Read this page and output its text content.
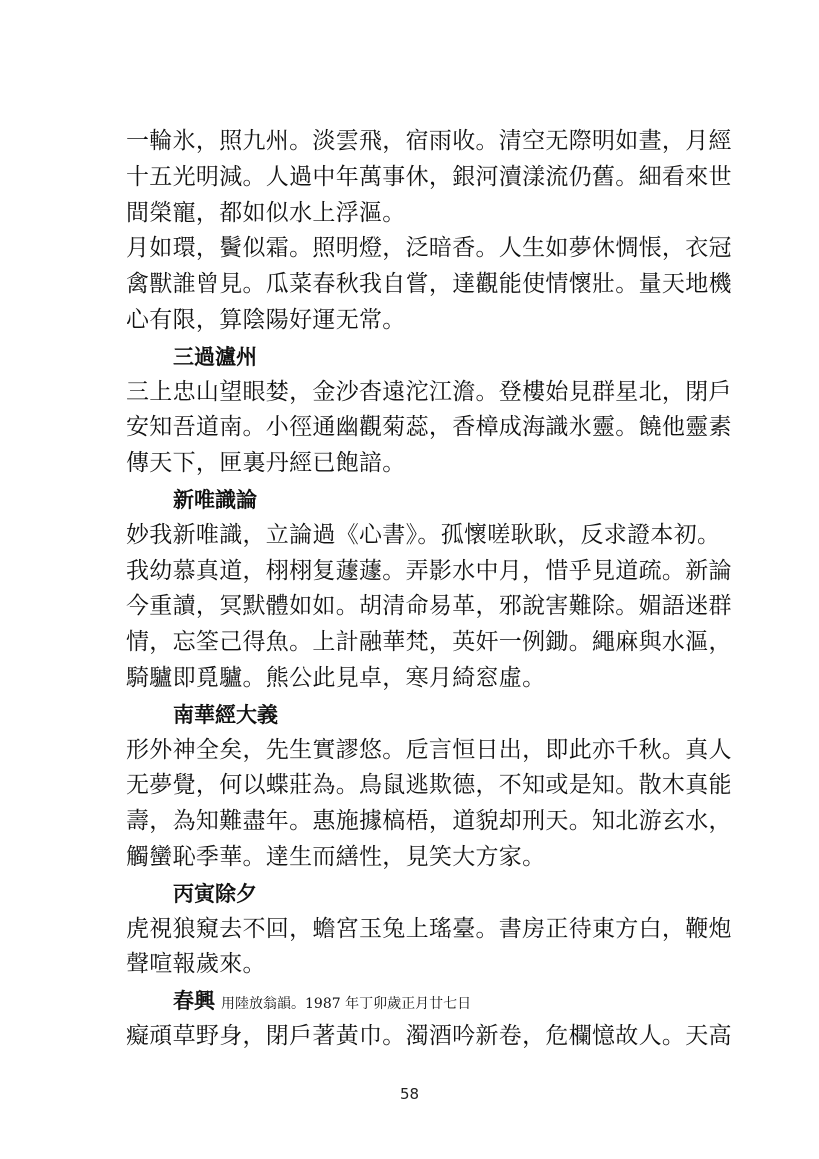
一輪氷，照九州。淡雲飛，宿雨收。清空无際明如晝，月經
十五光明減。人過中年萬事休，銀河瀆漾流仍舊。細看來世
間榮寵，都如似水上浮漚。
月如環，鬢似霜。照明燈，泛暗香。人生如夢休惆悵，衣冠
禽獸誰曾見。瓜菜春秋我自嘗，達觀能使情懷壯。量天地機
心有限，算陰陽好運无常。
三過瀘州
三上忠山望眼婪，金沙杳遠沱江澹。登樓始見群星北，閉戶
安知吾道南。小徑通幽觀菊蕊，香樟成海識氷靈。饒他靈素
傳天下，匣裏丹經已飽諳。
新唯識論
妙我新唯識，立論過《心書》。孤懷嗟耿耿，反求證本初。
我幼慕真道，栩栩复蘧蘧。弄影水中月，惜乎見道疏。新論
今重讀，冥默體如如。胡清命易革，邪說害難除。媚語迷群
情，忘筌己得魚。上計融華梵，英奸一例鋤。繩麻與水漚，
騎驢即覓驢。熊公此見卓，寒月綺窓虛。
南華經大義
形外神全矣，先生實謬悠。卮言恒日出，即此亦千秋。真人
无夢覺，何以蝶莊為。鳥鼠逃欺德，不知或是知。散木真能
壽，為知難盡年。惠施據槁梧，道貌却刑天。知北游玄水，
觸蠻恥季華。達生而繕性，見笑大方家。
丙寅除夕
虎視狼窺去不回，蟾宮玉兔上瑤臺。書房正待東方白，鞭炮
聲喧報歲來。
春興 用陸放翁韻。1987 年丁卯歲正月廿七日
癡頑草野身，閉戶著黃巾。濁酒吟新卷，危欄憶故人。天高
58
